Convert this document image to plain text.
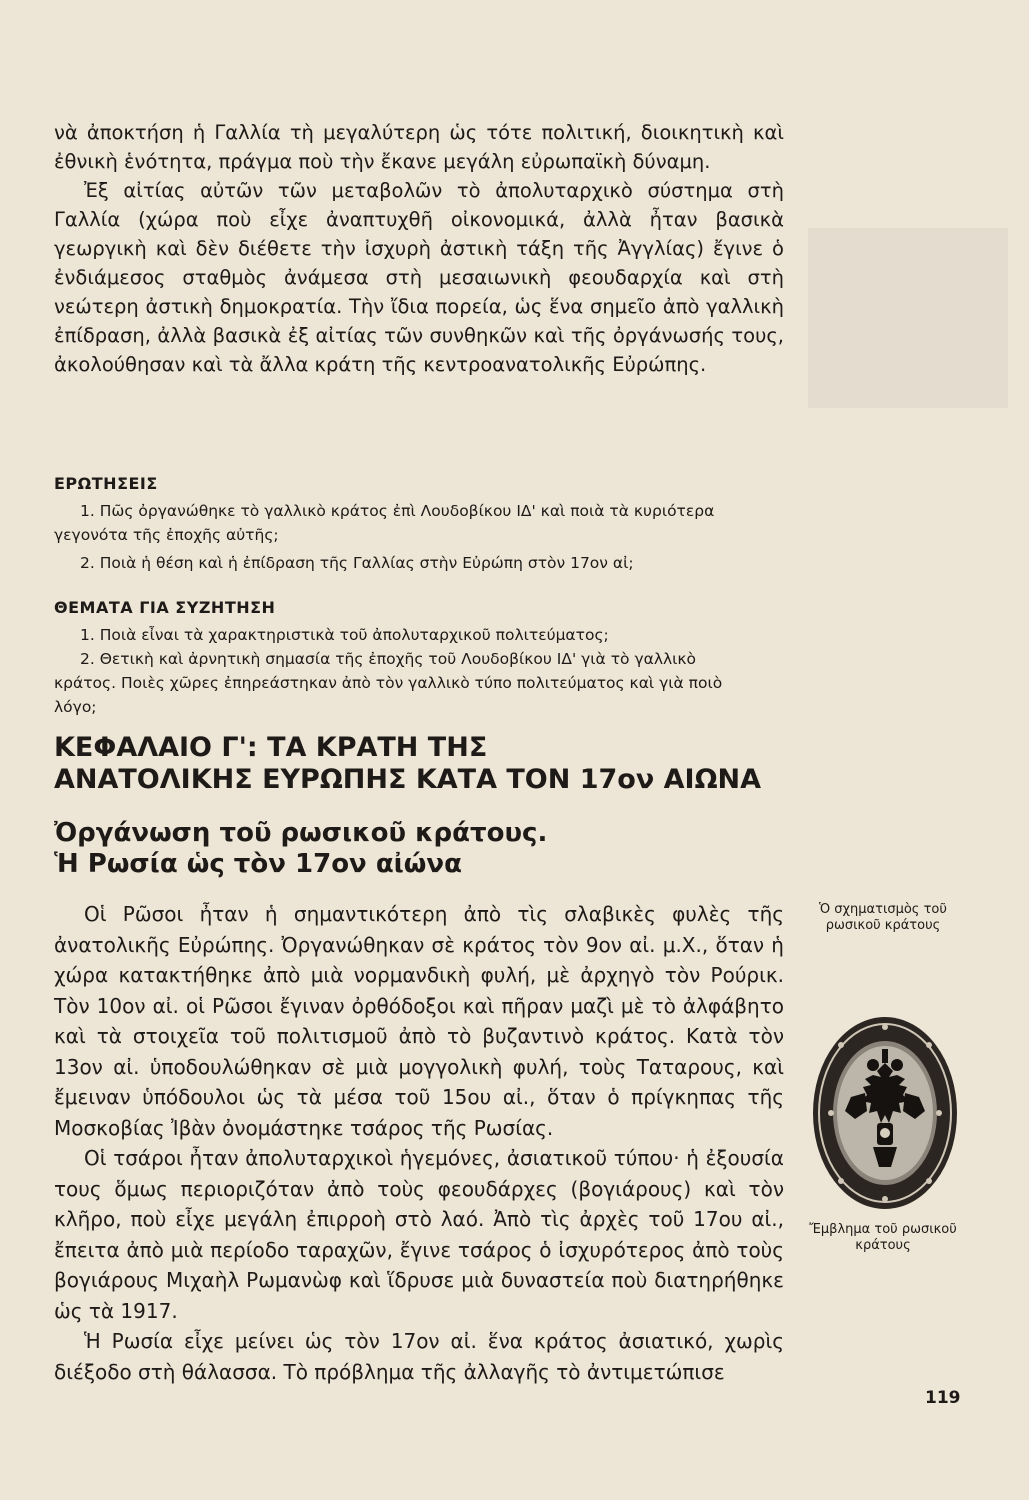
νὰ ἀποκτήση ἡ Γαλλία τὴ μεγαλύτερη ὡς τότε πολιτική, διοικητικὴ καὶ ἐθνικὴ ἑνότητα, πράγμα ποὺ τὴν ἔκανε μεγάλη εὐρωπαϊκὴ δύναμη.

Ἐξ αἰτίας αὐτῶν τῶν μεταβολῶν τὸ ἀπολυταρχικὸ σύστημα στὴ Γαλλία (χώρα ποὺ εἶχε ἀναπτυχθῆ οἰκονομικά, ἀλλὰ ἦταν βασικὰ γεωργικὴ καὶ δὲν διέθετε τὴν ἰσχυρὴ ἀστικὴ τάξη τῆς Ἀγγλίας) ἔγινε ὁ ἐνδιάμεσος σταθμὸς ἀνάμεσα στὴ μεσαιωνικὴ φεουδαρχία καὶ στὴ νεώτερη ἀστικὴ δημοκρατία. Τὴν ἴδια πορεία, ὡς ἕνα σημεῖο ἀπὸ γαλλικὴ ἐπίδραση, ἀλλὰ βασικὰ ἐξ αἰτίας τῶν συνθηκῶν καὶ τῆς ὀργάνωσής τους, ἀκολούθησαν καὶ τὰ ἄλλα κράτη τῆς κεντροανατολικῆς Εὐρώπης.

ΕΡΩΤΗΣΕΙΣ

1. Πῶς ὀργανώθηκε τὸ γαλλικὸ κράτος ἐπὶ Λουδοβίκου ΙΔ' καὶ ποιὰ τὰ κυριότερα

γεγονότα τῆς ἐποχῆς αὐτῆς;

2. Ποιὰ ἡ θέση καὶ ἡ ἐπίδραση τῆς Γαλλίας στὴν Εὐρώπη στὸν 17ον αἰ;

ΘΕΜΑΤΑ ΓΙΑ ΣΥΖΗΤΗΣΗ

1. Ποιὰ εἶναι τὰ χαρακτηριστικὰ τοῦ ἀπολυταρχικοῦ πολιτεύματος;

2. Θετικὴ καὶ ἀρνητικὴ σημασία τῆς ἐποχῆς τοῦ Λουδοβίκου ΙΔ' γιὰ τὸ γαλλικὸ

κράτος. Ποιὲς χῶρες ἐπηρεάστηκαν ἀπὸ τὸν γαλλικὸ τύπο πολιτεύματος καὶ γιὰ ποιὸ

λόγο;

ΚΕΦΑΛΑΙΟ Γ': ΤΑ ΚΡΑΤΗ ΤΗΣ
ΑΝΑΤΟΛΙΚΗΣ ΕΥΡΩΠΗΣ ΚΑΤΑ ΤΟΝ 17ον ΑΙΩΝΑ
Ὀργάνωση τοῦ ρωσικοῦ κράτους.
Ἡ Ρωσία ὡς τὸν 17ον αἰώνα

Οἱ Ρῶσοι ἦταν ἡ σημαντικότερη ἀπὸ τὶς σλαβικὲς φυλὲς τῆς ἀνατολικῆς Εὐρώπης. Ὀργανώθηκαν σὲ κράτος τὸν 9ον αἰ. μ.Χ., ὅταν ἡ χώρα κατακτήθηκε ἀπὸ μιὰ νορμανδικὴ φυλή, μὲ ἀρχηγὸ τὸν Ρούρικ. Τὸν 10ον αἰ. οἱ Ρῶσοι ἔγιναν ὀρθόδοξοι καὶ πῆραν μαζὶ μὲ τὸ ἀλφάβητο καὶ τὰ στοιχεῖα τοῦ πολιτισμοῦ ἀπὸ τὸ βυζαντινὸ κράτος. Κατὰ τὸν 13ον αἰ. ὑποδουλώθηκαν σὲ μιὰ μογγολικὴ φυλή, τοὺς Ταταρους, καὶ ἔμειναν ὑπόδουλοι ὡς τὰ μέσα τοῦ 15ου αἰ., ὅταν ὁ πρίγκηπας τῆς Μοσκοβίας Ἰβὰν ὀνομάστηκε τσάρος τῆς Ρωσίας.

Οἱ τσάροι ἦταν ἀπολυταρχικοὶ ἡγεμόνες, ἀσιατικοῦ τύπου· ἡ ἐξουσία τους ὅμως περιοριζόταν ἀπὸ τοὺς φεουδάρχες (βογιάρους) καὶ τὸν κλῆρο, ποὺ εἶχε μεγάλη ἐπιρροὴ στὸ λαό. Ἀπὸ τὶς ἀρχὲς τοῦ 17ου αἰ., ἔπειτα ἀπὸ μιὰ περίοδο ταραχῶν, ἔγινε τσάρος ὁ ἰσχυρότερος ἀπὸ τοὺς βογιάρους Μιχαὴλ Ρωμανὼφ καὶ ἵδρυσε μιὰ δυναστεία ποὺ διατηρήθηκε ὡς τὰ 1917.

Ἡ Ρωσία εἶχε μείνει ὡς τὸν 17ον αἰ. ἕνα κράτος ἀσιατικό, χωρὶς διέξοδο στὴ θάλασσα. Τὸ πρόβλημα τῆς ἀλλαγῆς τὸ ἀντιμετώπισε

Ὁ σχηματισμὸς τοῦ ρωσικοῦ κράτους

Ἔμβλημα τοῦ ρωσικοῦ κράτους

119
